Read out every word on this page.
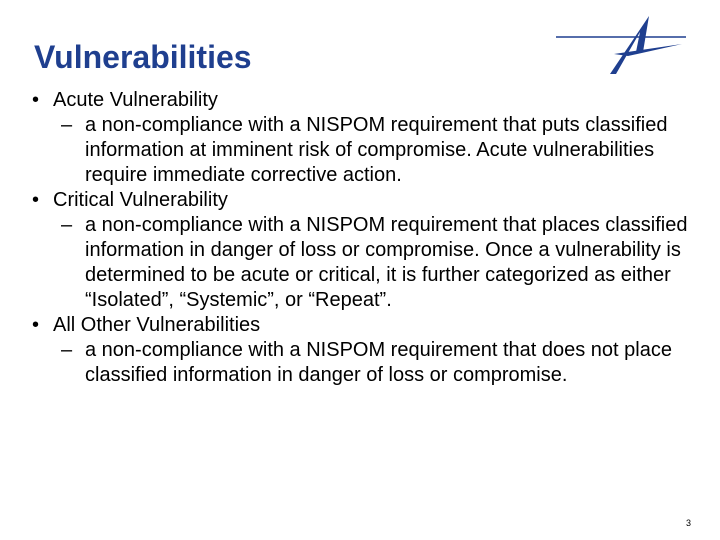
Vulnerabilities
• Acute Vulnerability
– a non-compliance with a NISPOM requirement that puts classified information at imminent risk of compromise. Acute vulnerabilities require immediate corrective action.
• Critical Vulnerability
– a non-compliance with a NISPOM requirement that places classified information in danger of loss or compromise. Once a vulnerability is determined to be acute or critical, it is further categorized as either “Isolated”, “Systemic”, or “Repeat”.
• All Other Vulnerabilities
– a non-compliance with a NISPOM requirement that does not place classified information in danger of loss or compromise.
3
